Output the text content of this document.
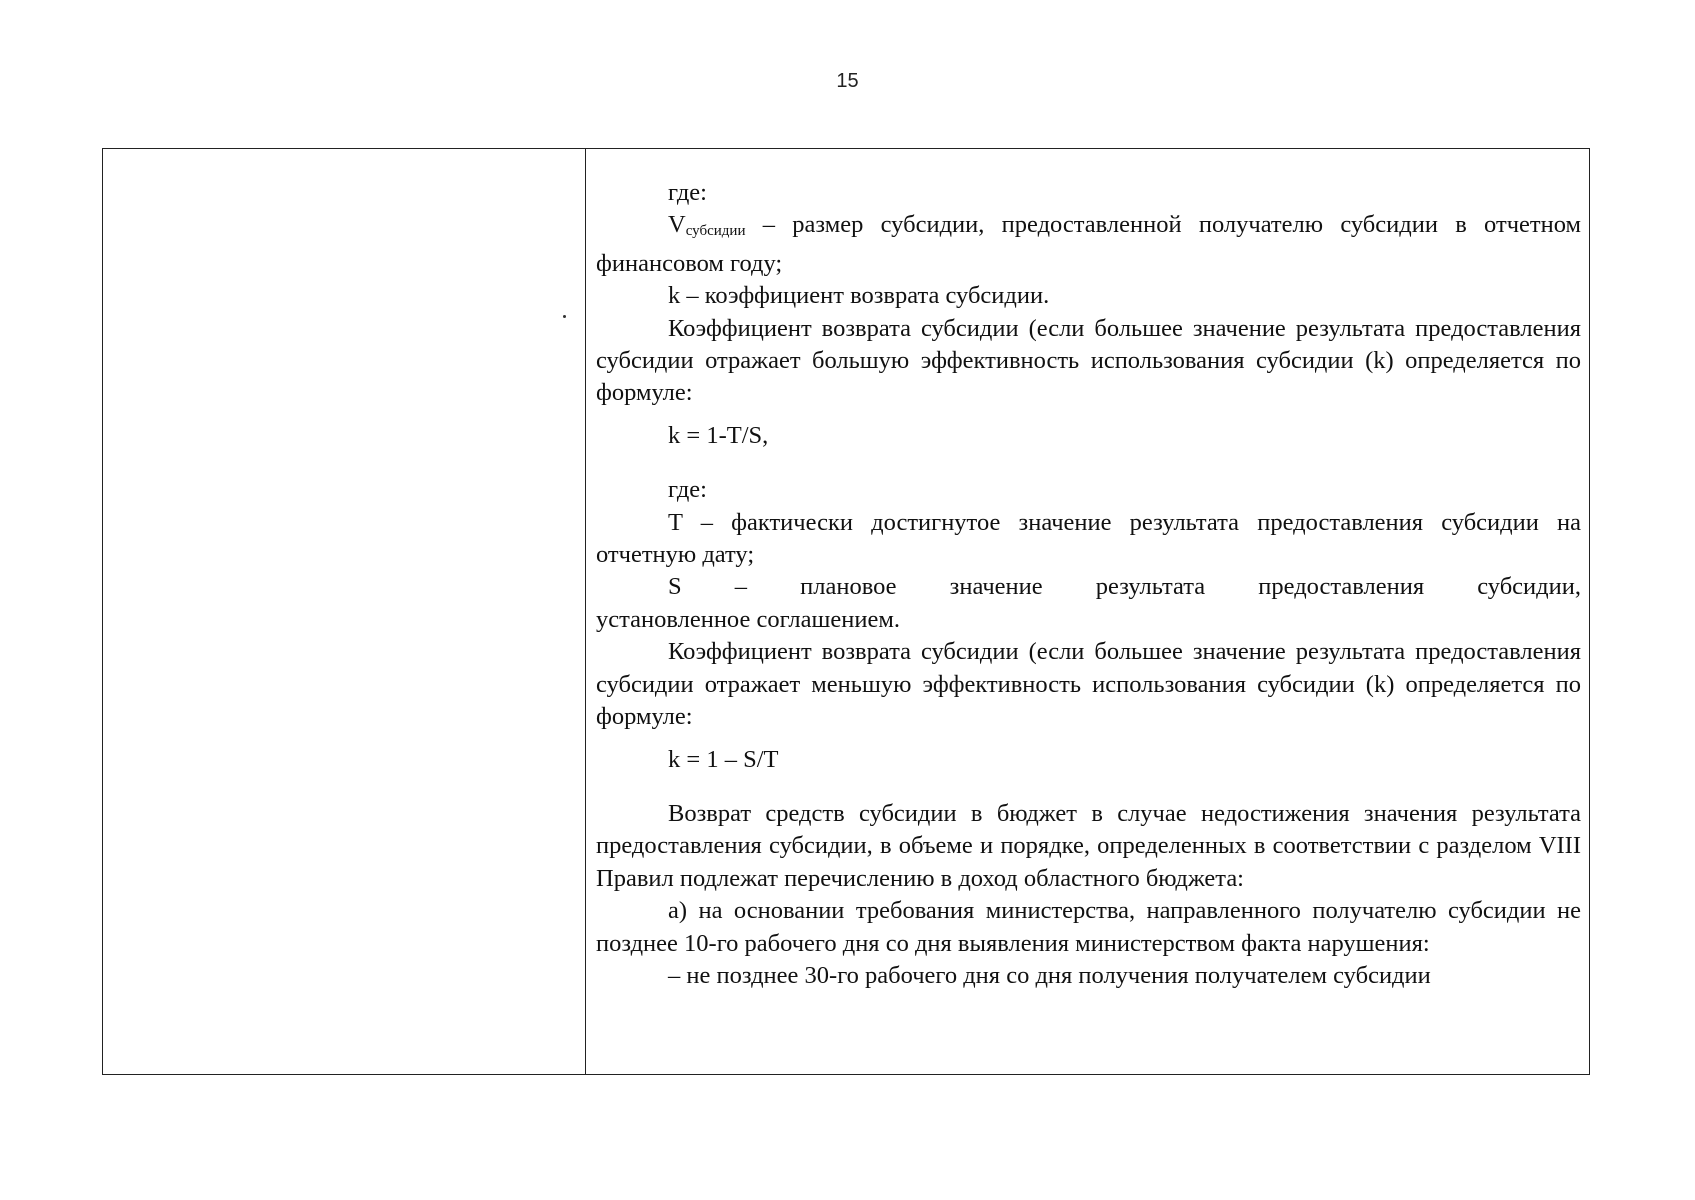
15

где:

$V_{субсидии}$ – размер субсидии, предоставленной получателю субсидии в отчетном финансовом году;

k – коэффициент возврата субсидии.

Коэффициент возврата субсидии (если большее значение результата предоставления субсидии отражает большую эффективность использования субсидии (k) определяется по формуле:

k = 1-T/S,

где:

T – фактически достигнутое значение результата предоставления субсидии на отчетную дату;

S – плановое значение результата предоставления субсидии,

установленное соглашением.

Коэффициент возврата субсидии (если большее значение результата предоставления субсидии отражает меньшую эффективность использования субсидии (k) определяется по формуле:

k = 1 – S/T

Возврат средств субсидии в бюджет в случае недостижения значения результата предоставления субсидии, в объеме и порядке, определенных в соответствии с разделом VIII Правил подлежат перечислению в доход областного бюджета:

а) на основании требования министерства, направленного получателю субсидии не позднее 10-го рабочего дня со дня выявления министерством факта нарушения:

– не позднее 30-го рабочего дня со дня получения получателем субсидии
